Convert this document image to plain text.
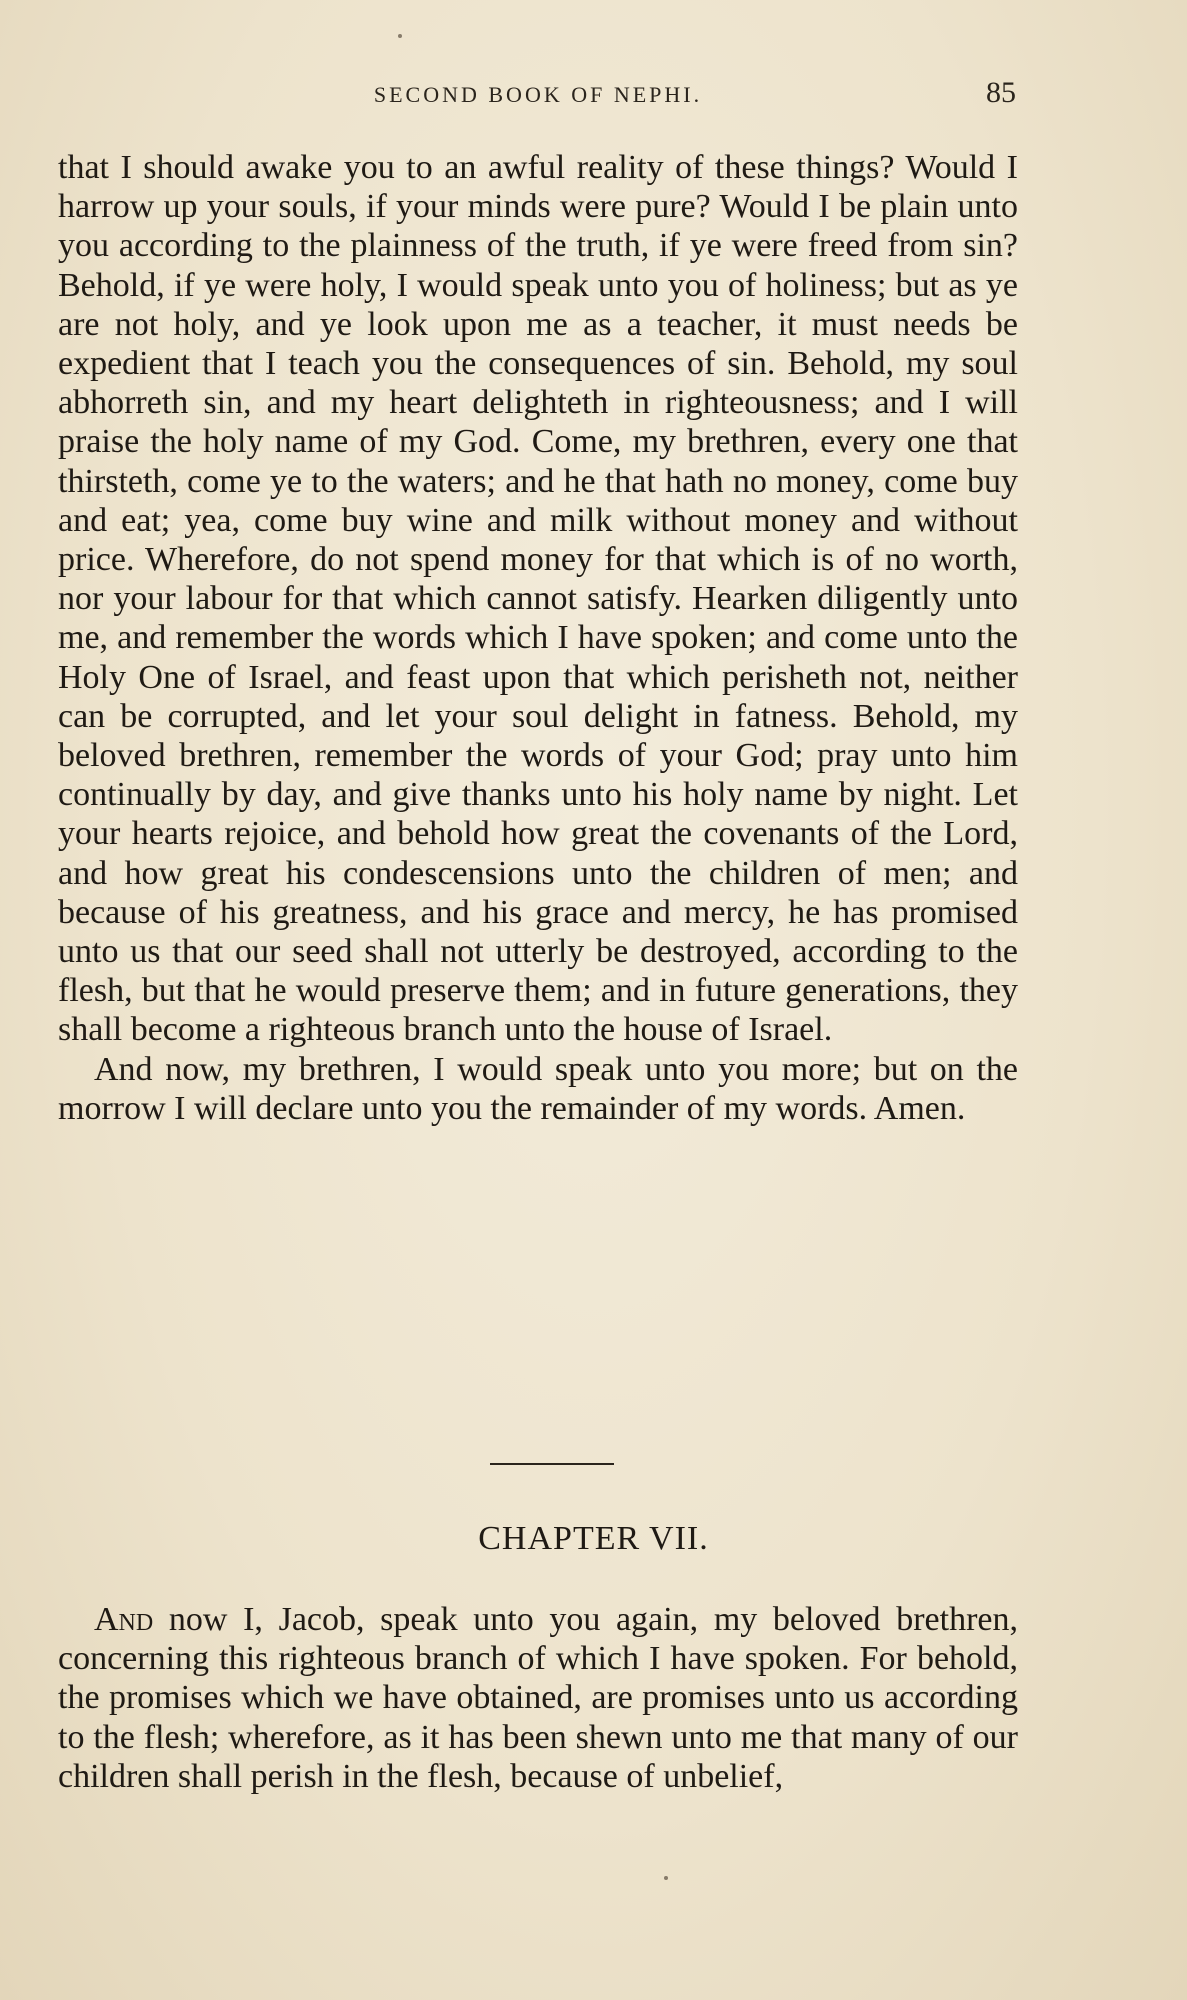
SECOND BOOK OF NEPHI.	85

that I should awake you to an awful reality of these things? Would I harrow up your souls, if your minds were pure? Would I be plain unto you according to the plainness of the truth, if ye were freed from sin? Behold, if ye were holy, I would speak unto you of holiness; but as ye are not holy, and ye look upon me as a teacher, it must needs be expedient that I teach you the consequences of sin. Behold, my soul abhorreth sin, and my heart delighteth in righteousness; and I will praise the holy name of my God. Come, my brethren, every one that thirsteth, come ye to the waters; and he that hath no money, come buy and eat; yea, come buy wine and milk without money and without price. Wherefore, do not spend money for that which is of no worth, nor your labour for that which cannot satisfy. Hearken diligently unto me, and remember the words which I have spoken; and come unto the Holy One of Israel, and feast upon that which perisheth not, neither can be corrupted, and let your soul delight in fatness. Behold, my beloved brethren, remember the words of your God; pray unto him continually by day, and give thanks unto his holy name by night. Let your hearts rejoice, and behold how great the covenants of the Lord, and how great his condescensions unto the children of men; and because of his greatness, and his grace and mercy, he has promised unto us that our seed shall not utterly be destroyed, according to the flesh, but that he would preserve them; and in future generations, they shall become a righteous branch unto the house of Israel.

And now, my brethren, I would speak unto you more; but on the morrow I will declare unto you the remainder of my words. Amen.

CHAPTER VII.

And now I, Jacob, speak unto you again, my beloved brethren, concerning this righteous branch of which I have spoken. For behold, the promises which we have obtained, are promises unto us according to the flesh; wherefore, as it has been shewn unto me that many of our children shall perish in the flesh, because of unbelief,
